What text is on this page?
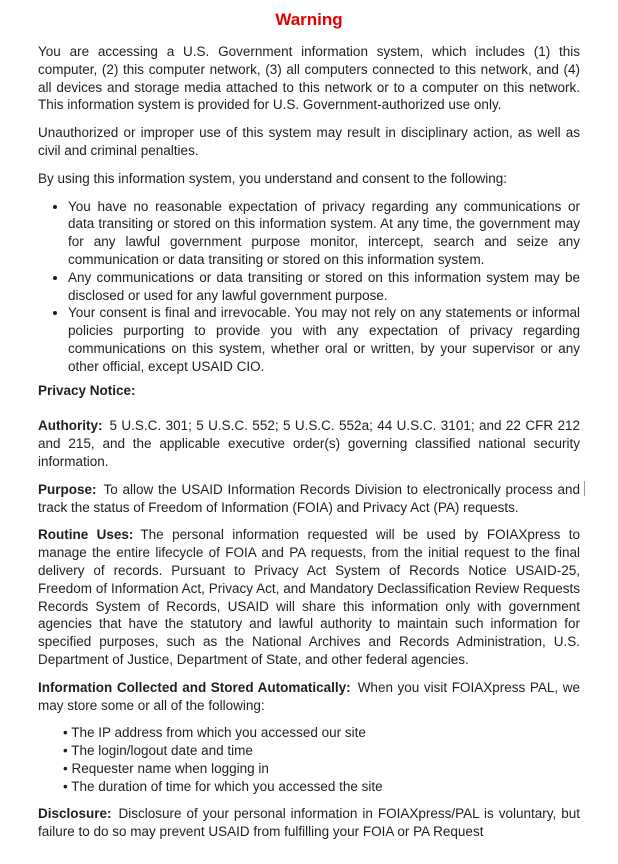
Warning

You are accessing a U.S. Government information system, which includes (1) this computer, (2) this computer network, (3) all computers connected to this network, and (4) all devices and storage media attached to this network or to a computer on this network. This information system is provided for U.S. Government-authorized use only.

Unauthorized or improper use of this system may result in disciplinary action, as well as civil and criminal penalties.

By using this information system, you understand and consent to the following:

• You have no reasonable expectation of privacy regarding any communications or data transiting or stored on this information system. At any time, the government may for any lawful government purpose monitor, intercept, search and seize any communication or data transiting or stored on this information system.
• Any communications or data transiting or stored on this information system may be disclosed or used for any lawful government purpose.
• Your consent is final and irrevocable. You may not rely on any statements or informal policies purporting to provide you with any expectation of privacy regarding communications on this system, whether oral or written, by your supervisor or any other official, except USAID CIO.

Privacy Notice:

Authority: 5 U.S.C. 301; 5 U.S.C. 552; 5 U.S.C. 552a; 44 U.S.C. 3101; and 22 CFR 212 and 215, and the applicable executive order(s) governing classified national security information.

Purpose: To allow the USAID Information Records Division to electronically process and track the status of Freedom of Information (FOIA) and Privacy Act (PA) requests.

Routine Uses: The personal information requested will be used by FOIAXpress to manage the entire lifecycle of FOIA and PA requests, from the initial request to the final delivery of records. Pursuant to Privacy Act System of Records Notice USAID-25, Freedom of Information Act, Privacy Act, and Mandatory Declassification Review Requests Records System of Records, USAID will share this information only with government agencies that have the statutory and lawful authority to maintain such information for specified purposes, such as the National Archives and Records Administration, U.S. Department of Justice, Department of State, and other federal agencies.

Information Collected and Stored Automatically: When you visit FOIAXpress PAL, we may store some or all of the following:

• The IP address from which you accessed our site
• The login/logout date and time
• Requester name when logging in
• The duration of time for which you accessed the site

Disclosure: Disclosure of your personal information in FOIAXpress/PAL is voluntary, but failure to do so may prevent USAID from fulfilling your FOIA or PA Request
